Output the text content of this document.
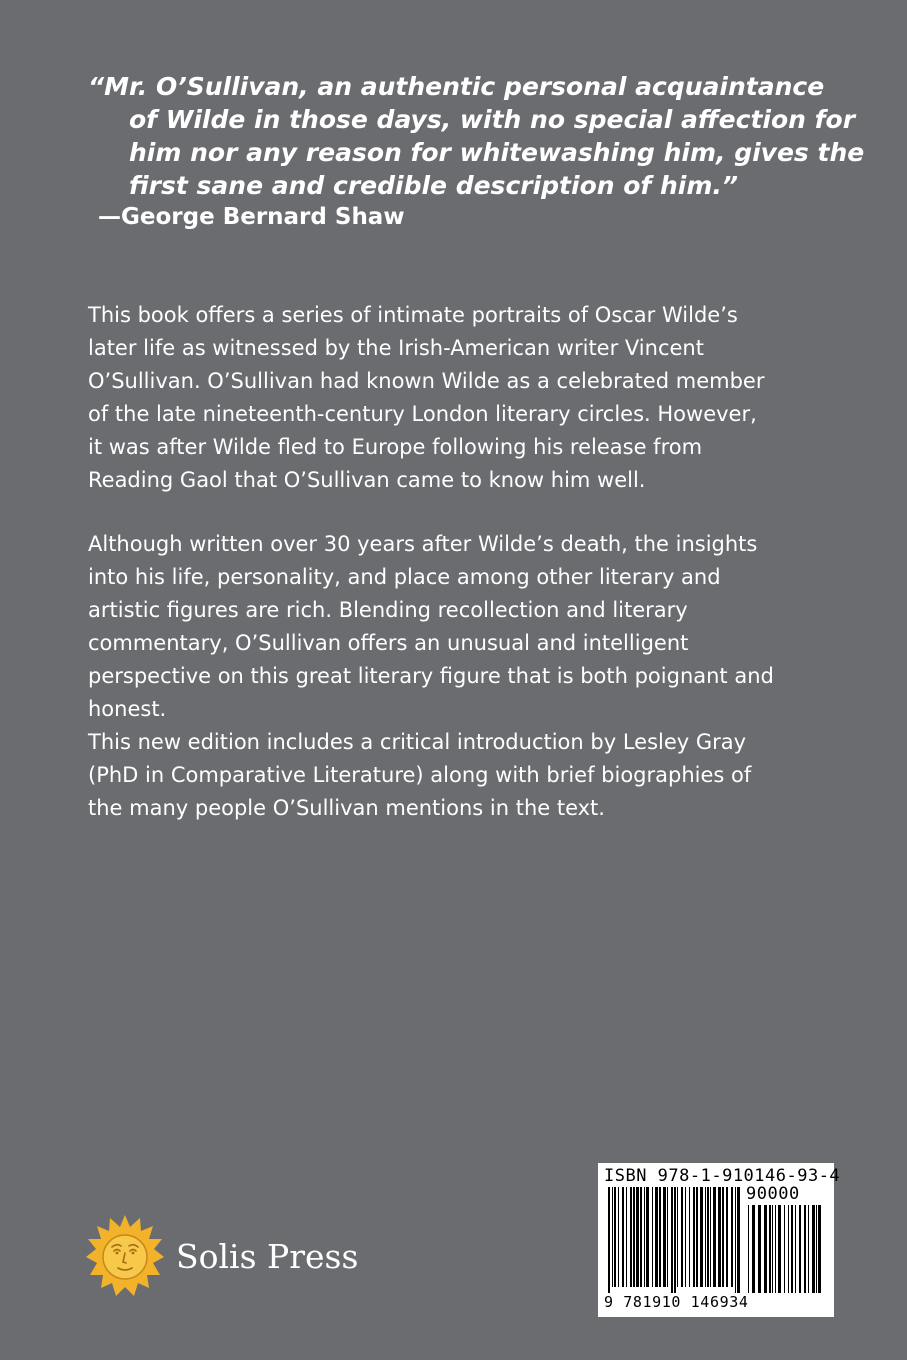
“Mr. O’Sullivan, an authentic personal acquaintance
of Wilde in those days, with no special affection for
him nor any reason for whitewashing him, gives the
first sane and credible description of him.”
—George Bernard Shaw

This book offers a series of intimate portraits of Oscar Wilde’s
later life as witnessed by the Irish-American writer Vincent
O’Sullivan. O’Sullivan had known Wilde as a celebrated member
of the late nineteenth-century London literary circles. However,
it was after Wilde fled to Europe following his release from
Reading Gaol that O’Sullivan came to know him well.

Although written over 30 years after Wilde’s death, the insights
into his life, personality, and place among other literary and
artistic figures are rich. Blending recollection and literary
commentary, O’Sullivan offers an unusual and intelligent
perspective on this great literary figure that is both poignant and
honest.

This new edition includes a critical introduction by Lesley Gray
(PhD in Comparative Literature) along with brief biographies of
the many people O’Sullivan mentions in the text.

Solis Press
ISBN 978-1-910146-93-4
90000
9 781910 146934
